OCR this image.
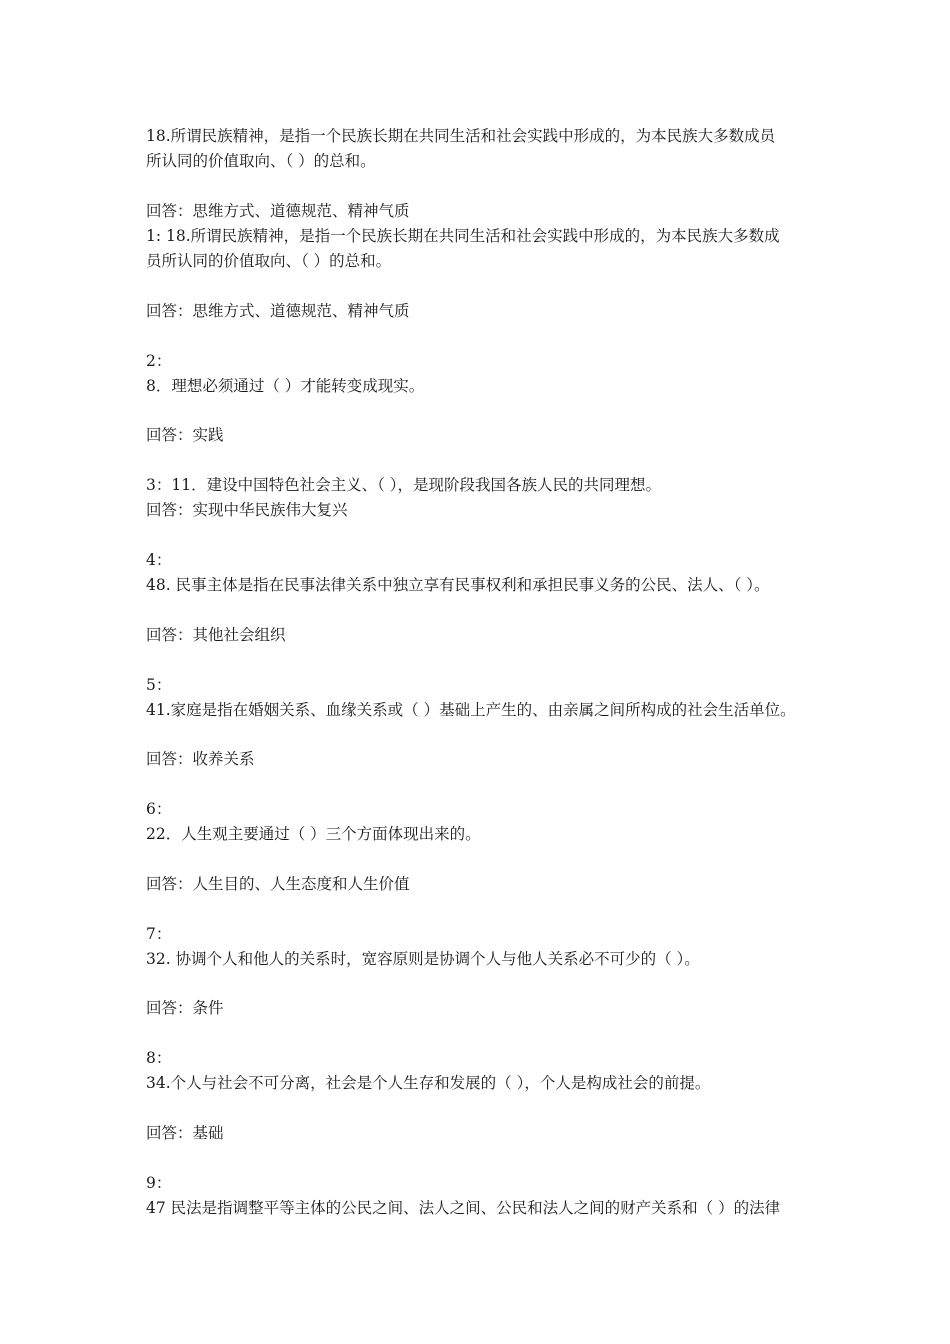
18.所谓民族精神，是指一个民族长期在共同生活和社会实践中形成的，为本民族大多数成员
所认同的价值取向、（ ）的总和。
回答：思维方式、道德规范、精神气质
1: 18.所谓民族精神，是指一个民族长期在共同生活和社会实践中形成的，为本民族大多数成
员所认同的价值取向、（ ）的总和。
回答：思维方式、道德规范、精神气质
2：
8．理想必须通过（ ）才能转变成现实。
回答：实践
3：11．建设中国特色社会主义、（ ），是现阶段我国各族人民的共同理想。
回答：实现中华民族伟大复兴
4：
48. 民事主体是指在民事法律关系中独立享有民事权利和承担民事义务的公民、法人、（ ）。
回答：其他社会组织
5：
41.家庭是指在婚姻关系、血缘关系或（ ）基础上产生的、由亲属之间所构成的社会生活单位。
回答：收养关系
6：
22．人生观主要通过（ ）三个方面体现出来的。
回答：人生目的、人生态度和人生价值
7：
32. 协调个人和他人的关系时，宽容原则是协调个人与他人关系必不可少的（ ）。
回答：条件
8：
34.个人与社会不可分离，社会是个人生存和发展的（ ），个人是构成社会的前提。
回答：基础
9：
47 民法是指调整平等主体的公民之间、法人之间、公民和法人之间的财产关系和（ ）的法律
